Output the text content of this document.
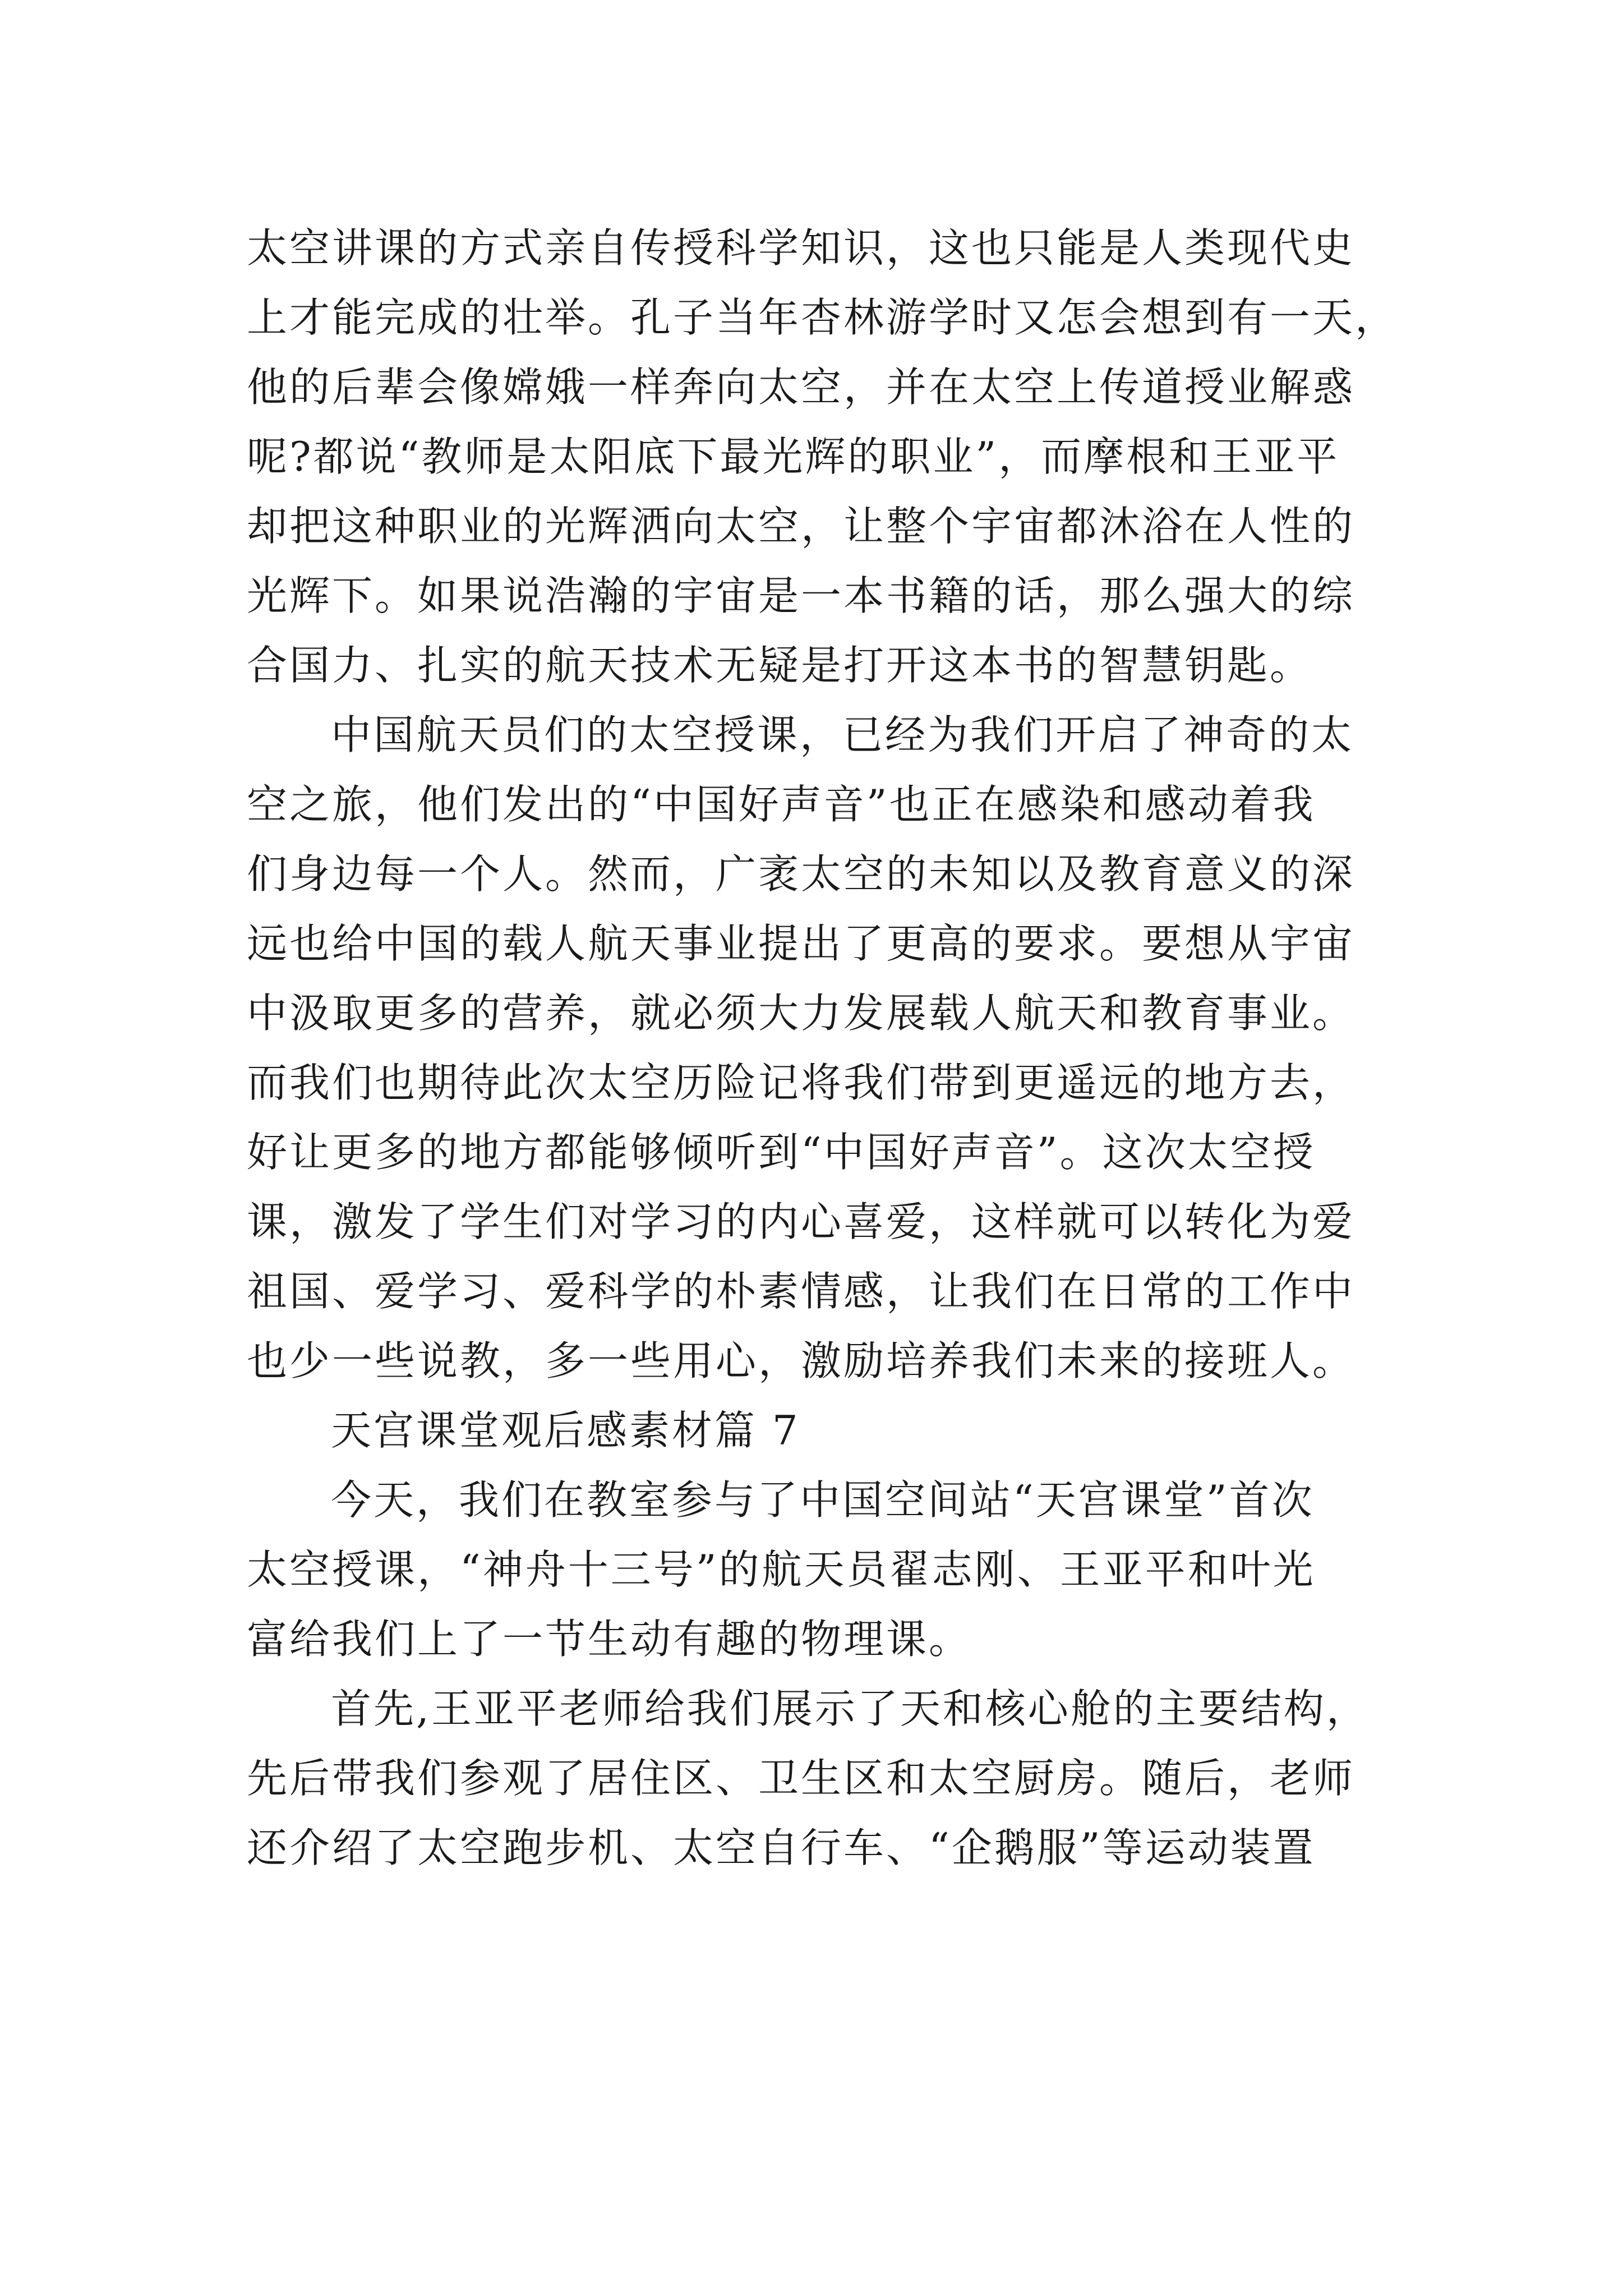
太空讲课的方式亲自传授科学知识，这也只能是人类现代史
上才能完成的壮举。孔子当年杏林游学时又怎会想到有一天，
他的后辈会像嫦娥一样奔向太空，并在太空上传道授业解惑
呢?都说“教师是太阳底下最光辉的职业”，而摩根和王亚平
却把这种职业的光辉洒向太空，让整个宇宙都沐浴在人性的
光辉下。如果说浩瀚的宇宙是一本书籍的话，那么强大的综
合国力、扎实的航天技术无疑是打开这本书的智慧钥匙。
中国航天员们的太空授课，已经为我们开启了神奇的太
空之旅，他们发出的“中国好声音”也正在感染和感动着我
们身边每一个人。然而，广袤太空的未知以及教育意义的深
远也给中国的载人航天事业提出了更高的要求。要想从宇宙
中汲取更多的营养，就必须大力发展载人航天和教育事业。
而我们也期待此次太空历险记将我们带到更遥远的地方去，
好让更多的地方都能够倾听到“中国好声音”。这次太空授
课，激发了学生们对学习的内心喜爱，这样就可以转化为爱
祖国、爱学习、爱科学的朴素情感，让我们在日常的工作中
也少一些说教，多一些用心，激励培养我们未来的接班人。
天宫课堂观后感素材篇 7
今天，我们在教室参与了中国空间站“天宫课堂”首次
太空授课，“神舟十三号”的航天员翟志刚、王亚平和叶光
富给我们上了一节生动有趣的物理课。
首先,王亚平老师给我们展示了天和核心舱的主要结构，
先后带我们参观了居住区、卫生区和太空厨房。随后，老师
还介绍了太空跑步机、太空自行车、“企鹅服”等运动装置
